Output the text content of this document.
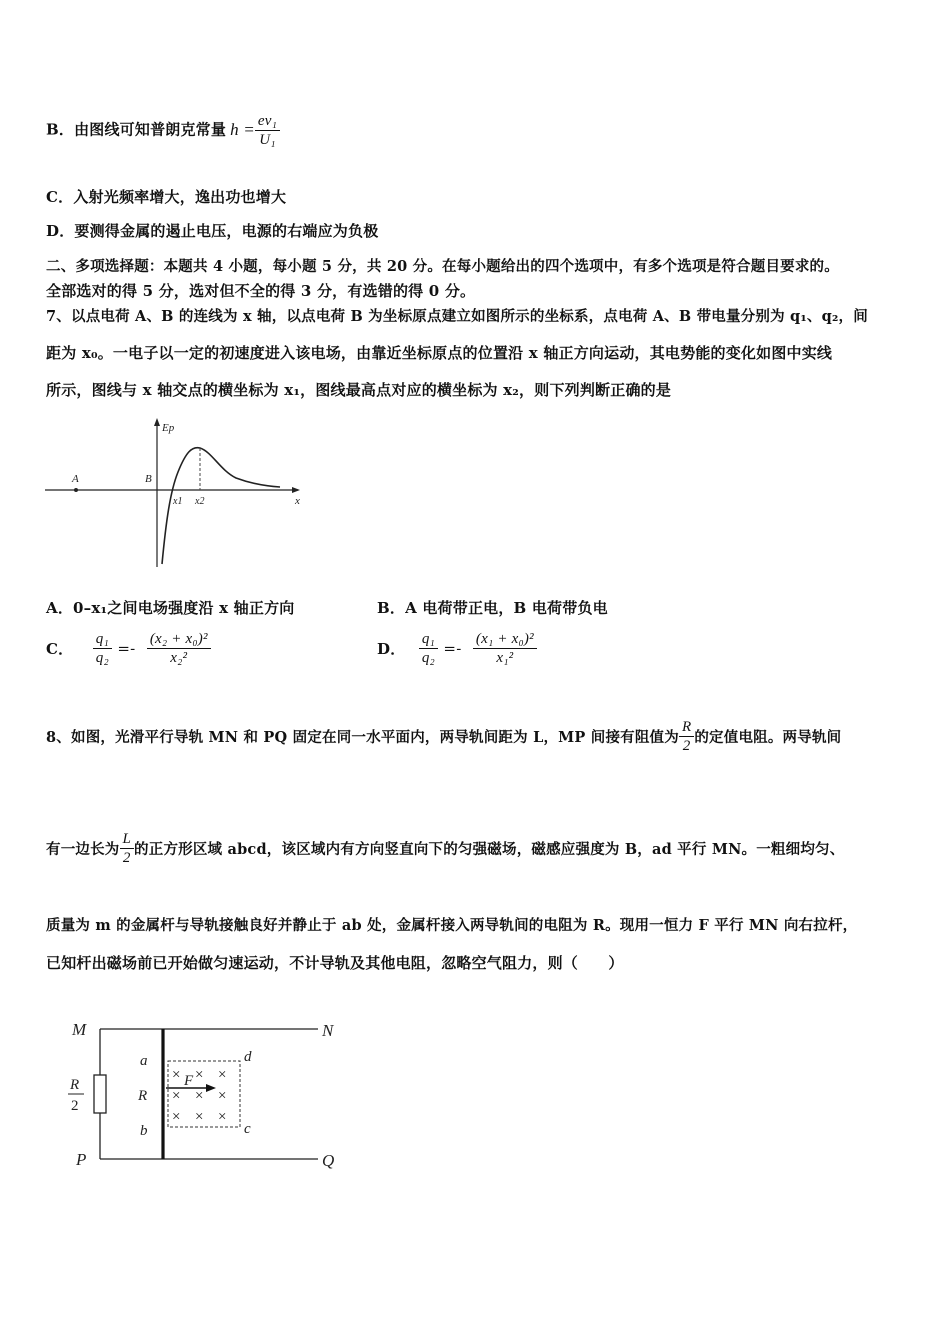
B．由图线可知普朗克常量 $h = \frac{\text{ev₁}}{\text{U₁}}$
C．入射光频率增大，逸出功也增大
D．要测得金属的遏止电压，电源的右端应为负极
二、多项选择题：本题共 4 小题，每小题 5 分，共 20 分。在每小题给出的四个选项中，有多个选项是符合题目要求的。
全部选对的得 5 分，选对但不全的得 3 分，有选错的得 0 分。
7、以点电荷 A、B 的连线为 x 轴，以点电荷 B 为坐标原点建立如图所示的坐标系，点电荷 A、B 带电量分别为 q₁、q₂，间
距为 x₀。一电子以一定的初速度进入该电场，由靠近坐标原点的位置沿 x 轴正方向运动，其电势能的变化如图中实线
所示，图线与 x 轴交点的横坐标为 x₁，图线最高点对应的横坐标为 x₂，则下列判断正确的是
Ep
A	B
x1 x2	x
A．0–x₁之间电场强度沿 x 轴正方向	B．A 电荷带正电，B 电荷带负电
C． $\frac{\text{q₁}}{\text{q₂}} =- \frac{\text{(x₂ + x₀)²}}{\text{x₂²}}$	D． $\frac{\text{q₁}}{\text{q₂}} =- \frac{\text{(x₁ + x₀)²}}{\text{x₁²}}$
8、如图，光滑平行导轨 MN 和 PQ 固定在同一水平面内，两导轨间距为 L，MP 间接有阻值为 $\frac{R}{2}$ 的定值电阻。两导轨间
有一边长为 $\frac{L}{2}$ 的正方形区域 abcd，该区域内有方向竖直向下的匀强磁场，磁感应强度为 B，ad 平行 MN。一粗细均匀、
质量为 m 的金属杆与导轨接触良好并静止于 ab 处，金属杆接入两导轨间的电阻为 R。现用一恒力 F 平行 MN 向右拉杆，
已知杆出磁场前已开始做匀速运动，不计导轨及其他电阻，忽略空气阻力，则（　　）
× × ×
× × ×
× × ×
M	N
P	Q
a
R
b
d
c
F
R
2
